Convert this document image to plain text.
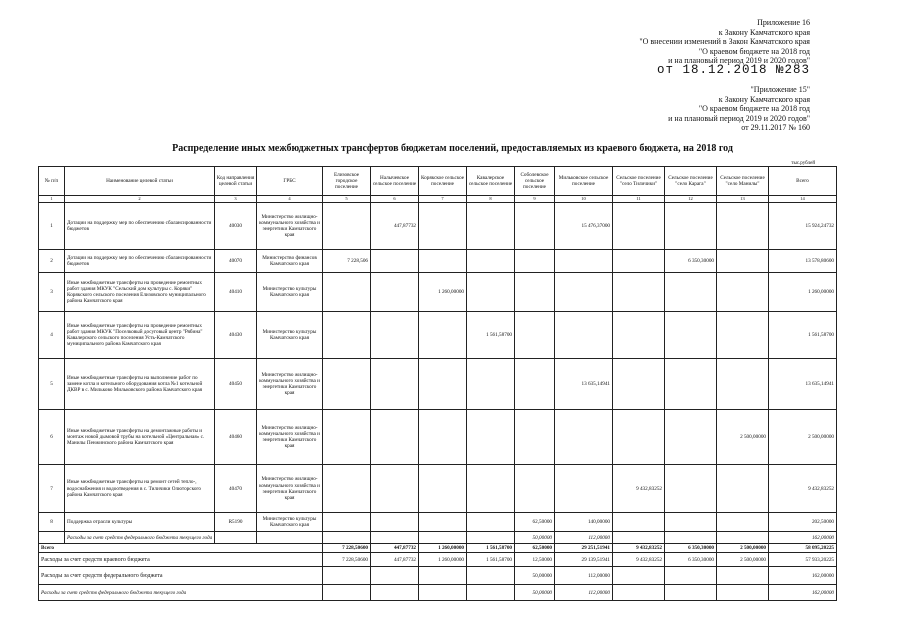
Приложение 16
к Закону Камчатского края
"О внесении изменений в Закон Камчатского края
"О краевом бюджете на 2018 год
и на плановый период 2019 и 2020 годов"
от 18.12.2018 №283
"Приложение 15"
к Закону Камчатского края
"О краевом бюджете на 2018 год
и на плановый период 2019 и 2020 годов"
от 29.11.2017 № 160
Распределение иных межбюджетных трансфертов бюджетам поселений, предоставляемых из краевого бюджета, на 2018 год
тыс.рублей
№ п/п	Наименование целевой статьи	Код направления целевой статьи	ГРБС	Елизовское городское поселение	Налычевское сельское поселение	Корякское сельское поселение	Кавалерское сельское поселение	Соболевское сельское поселение	Мильковское сельское поселение	Сельское поселение "село Тиличики"	Сельское поселение "село Карага"	Сельское поселение "село Манилы"	Всего
1	2	3	4	5	6	7	8	9	10	11	12	13	14
1	Дотации на поддержку мер по обеспечению сбалансированности бюджетов	40030	Министерство жилищно-коммунального хозяйства и энергетики Камчатского края		447,87732				15 476,37000				15 924,24732
2	Дотации на поддержку мер по обеспечению сбалансированности бюджетов	40070	Министерство финансов Камчатского края	7 228,506							6 350,30000		13 578,80600
3	Иные межбюджетные трансферты на проведение ремонтных работ здания МКУК "Сельский дом культуры с. Коряки" Корякского сельского поселения Елизовского муниципального района Камчатского края	40410	Министерство культуры Камчатского края			1 260,00000							1 260,00000
4	Иные межбюджетные трансферты на проведение ремонтных работ здания МКУК "Поселковый досуговый центр "Рябина" Кавалерского сельского поселения Усть-Камчатского муниципального района Камчатского края	40430	Министерство культуры Камчатского края				1 561,58700						1 561,58700
5	Иные межбюджетные трансферты на выполнение работ по замене котла и котельного оборудования котла №1 котельной ДКВР в с. Мильково Мильковского района Камчатского края	40450	Министерство жилищно-коммунального хозяйства и энергетики Камчатского края						13 635,14941				13 635,14941
6	Иные межбюджетные трансферты на демонтажные работы и монтаж новой дымовой трубы на котельной «Центральная» с. Манилы Пенжинского района Камчатского края	40460	Министерство жилищно-коммунального хозяйства и энергетики Камчатского края									2 500,00000	2 500,00000
7	Иные межбюджетные трансферты на ремонт сетей тепло-, водоснабжения и водоотведения в с. Тиличики Олюторского района Камчатского края	40470	Министерство жилищно-коммунального хозяйства и энергетики Камчатского края							9 432,83252			9 432,83252
8	Поддержка отрасли культуры	R5190	Министерство культуры Камчатского края					62,50000	140,00000				202,50000
	Расходы за счет средств федерального бюджета текущего года							50,00000	112,00000				162,00000
Всего				7 228,50600	447,87732	1 260,00000	1 561,58700	62,50000	29 251,51941	9 432,83252	6 350,30000	2 500,00000	58 095,20225
Расходы за счет средств краевого бюджета				7 228,50600	447,87732	1 260,00000	1 561,58700	12,50000	29 139,51941	9 432,83252	6 350,30000	2 500,00000	57 933,20225
Расходы за счет средств федерального бюджета								50,00000	112,00000				162,00000
Расходы за счет средств федерального бюджета текущего года								50,00000	112,00000				162,00000
